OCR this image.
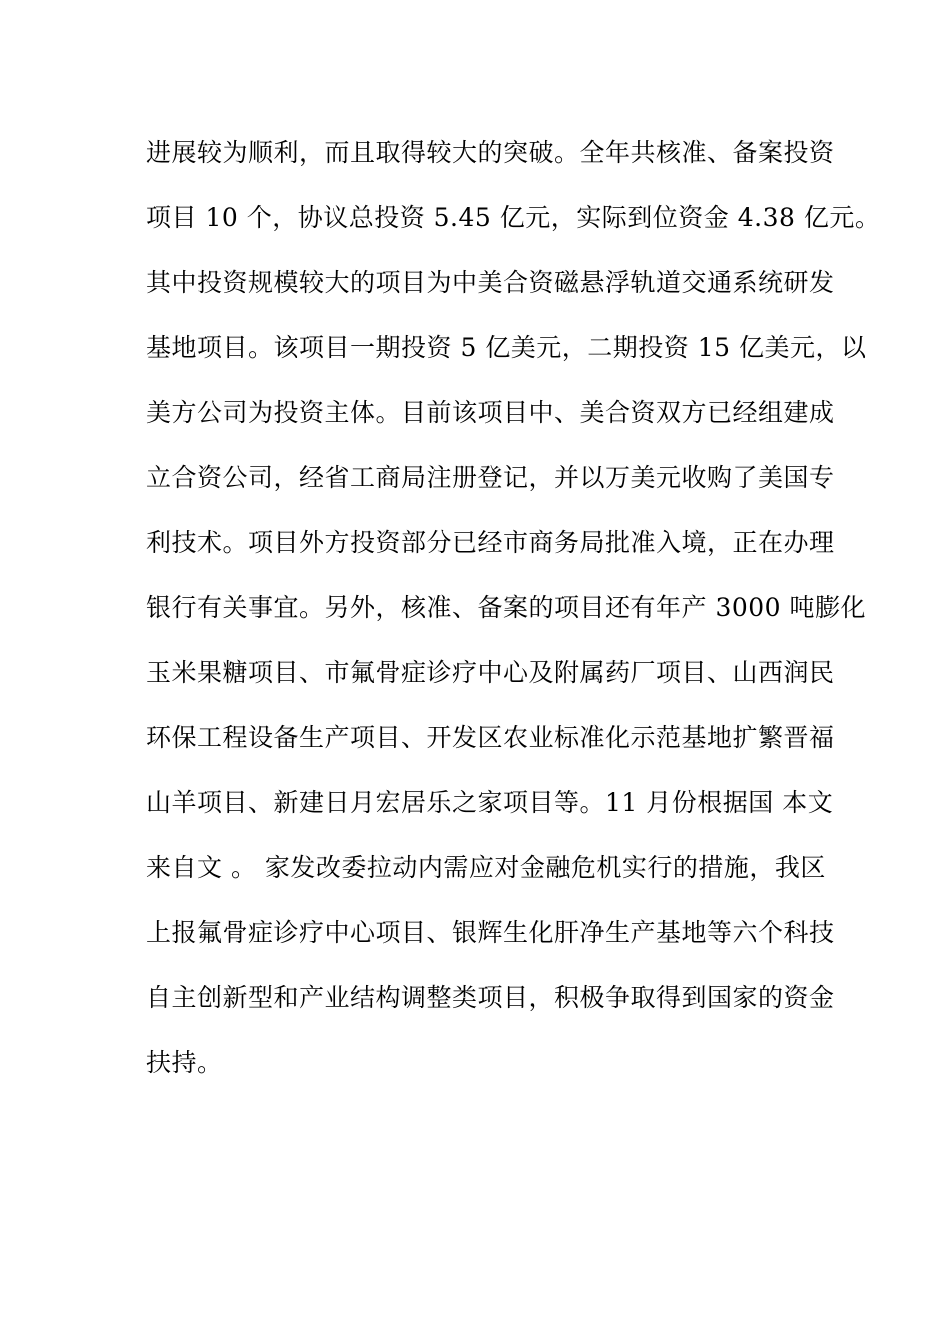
进展较为顺利，而且取得较大的突破。全年共核准、备案投资
项目 10 个，协议总投资 5.45 亿元，实际到位资金 4.38 亿元。
其中投资规模较大的项目为中美合资磁悬浮轨道交通系统研发
基地项目。该项目一期投资 5 亿美元，二期投资 15 亿美元，以
美方公司为投资主体。目前该项目中、美合资双方已经组建成
立合资公司，经省工商局注册登记，并以万美元收购了美国专
利技术。项目外方投资部分已经市商务局批准入境，正在办理
银行有关事宜。另外，核准、备案的项目还有年产 3000 吨膨化
玉米果糖项目、市氟骨症诊疗中心及附属药厂项目、山西润民
环保工程设备生产项目、开发区农业标准化示范基地扩繁晋福
山羊项目、新建日月宏居乐之家项目等。11 月份根据国 本文
来自文 。 家发改委拉动内需应对金融危机实行的措施，我区
上报氟骨症诊疗中心项目、银辉生化肝净生产基地等六个科技
自主创新型和产业结构调整类项目，积极争取得到国家的资金
扶持。
